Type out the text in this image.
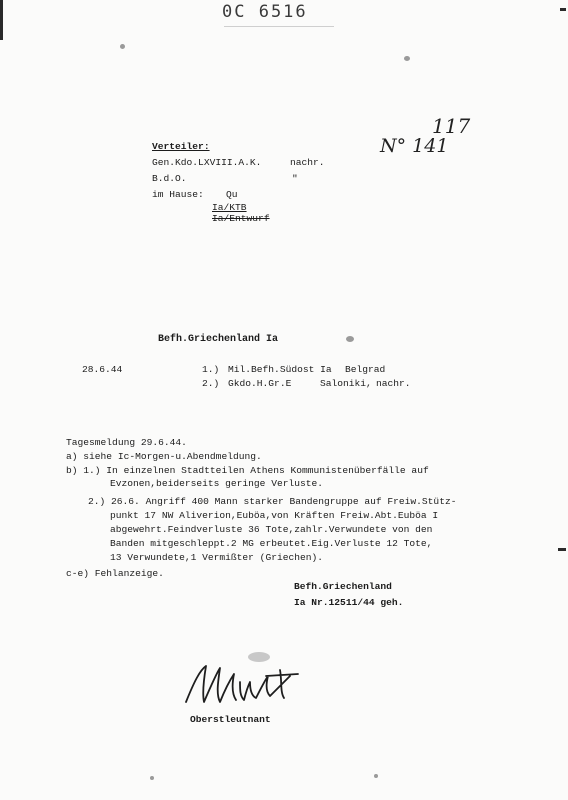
0C 6516
117
N° 141
Verteiler:
Gen.Kdo.LXVIII.A.K.	nachr.
B.d.O.	"
im Hause: Qu
Ia/KTB
Ia/Entwurf
Befh.Griechenland Ia
28.6.44	1.) Mil.Befh.Südost Ia Belgrad
2.) Gkdo.H.Gr.E	Saloniki, nachr.
Tagesmeldung 29.6.44.
a) siehe Ic-Morgen-u.Abendmeldung.
b) 1.) In einzelnen Stadtteilen Athens Kommunistenüberfälle auf
Evzonen,beiderseits geringe Verluste.
2.) 26.6. Angriff 400 Mann starker Bandengruppe auf Freiw.Stütz-
punkt 17 NW Aliverion,Euböa,von Kräften Freiw.Abt.Euböa I
abgewehrt.Feindverluste 36 Tote,zahlr.Verwundete von den
Banden mitgeschleppt.2 MG erbeutet.Eig.Verluste 12 Tote,
13 Verwundete,1 Vermißter (Griechen).
c-e) Fehlanzeige.
Befh.Griechenland
Ia Nr.12511/44 geh.
Oberstleutnant
